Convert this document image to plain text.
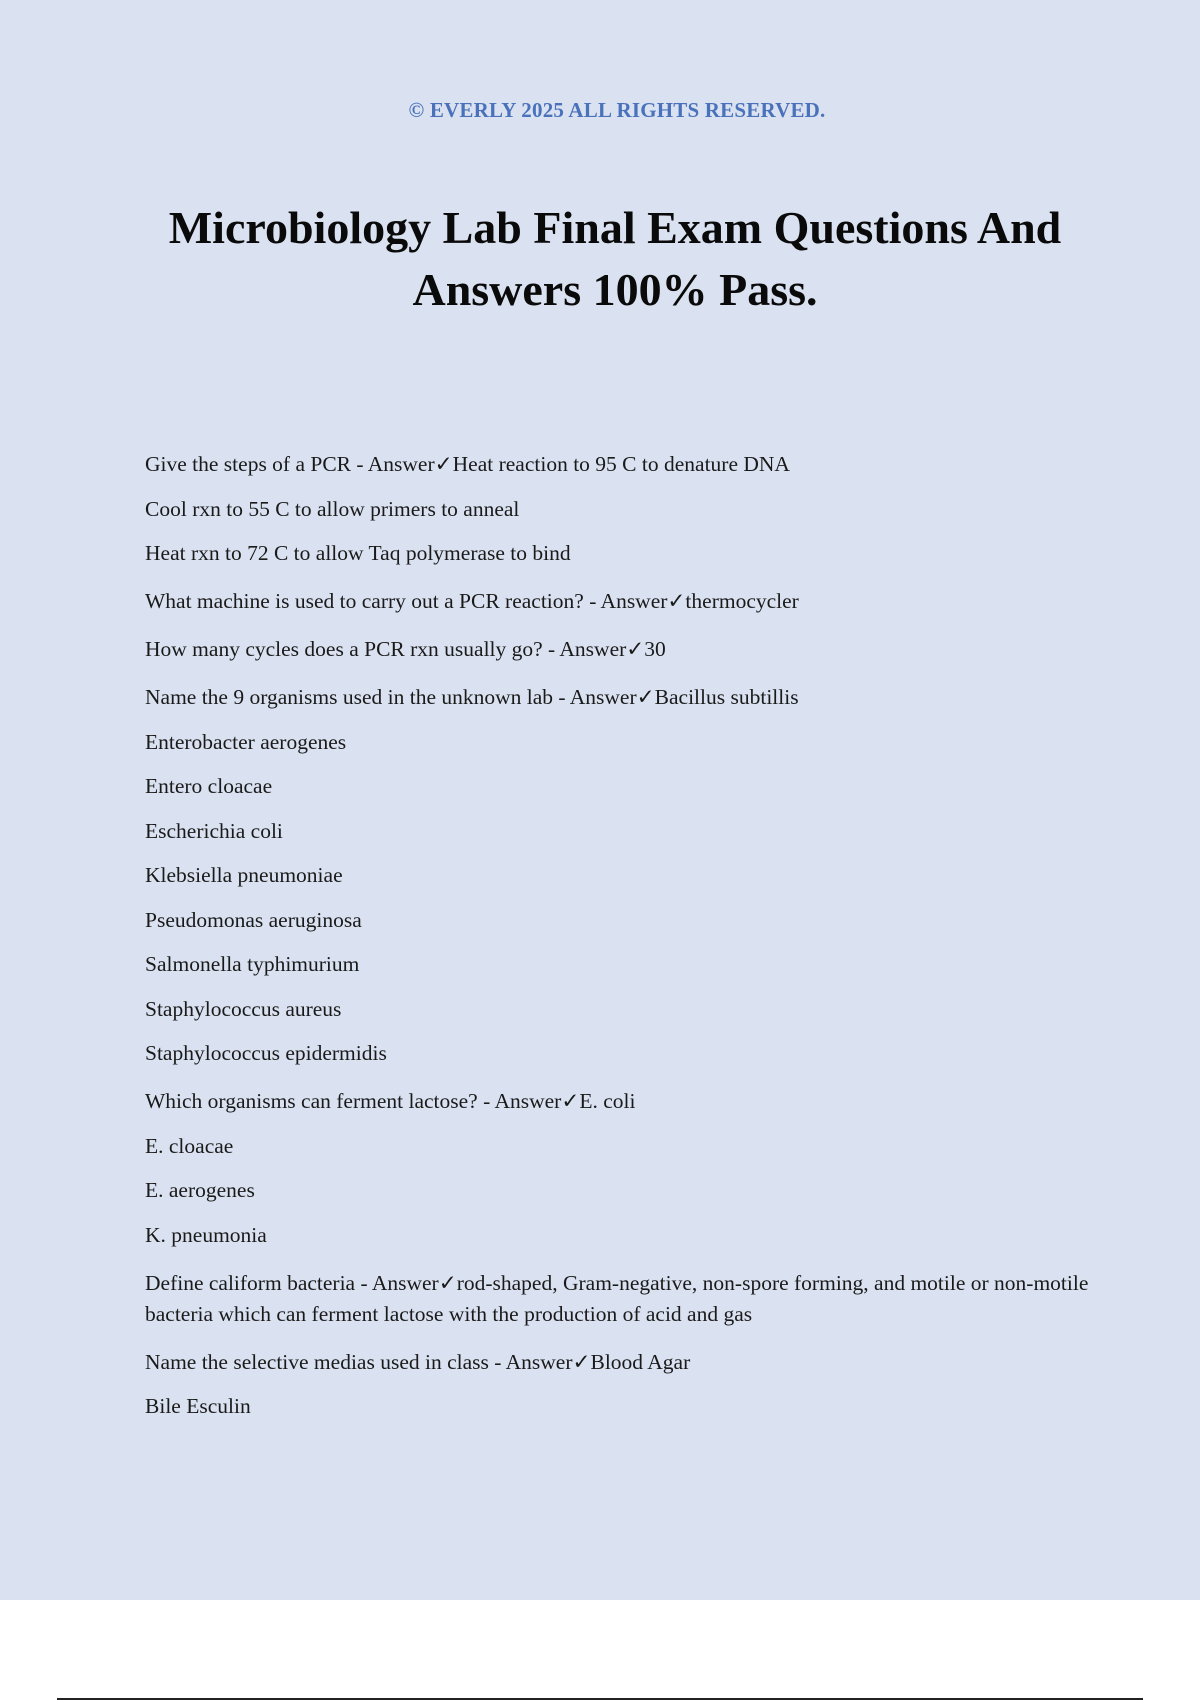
© EVERLY 2025 ALL RIGHTS RESERVED.
Microbiology Lab Final Exam Questions And Answers 100% Pass.
Give the steps of a PCR - Answer✓Heat reaction to 95 C to denature DNA
Cool rxn to 55 C to allow primers to anneal
Heat rxn to 72 C to allow Taq polymerase to bind
What machine is used to carry out a PCR reaction? - Answer✓thermocycler
How many cycles does a PCR rxn usually go? - Answer✓30
Name the 9 organisms used in the unknown lab - Answer✓Bacillus subtillis
Enterobacter aerogenes
Entero cloacae
Escherichia coli
Klebsiella pneumoniae
Pseudomonas aeruginosa
Salmonella typhimurium
Staphylococcus aureus
Staphylococcus epidermidis
Which organisms can ferment lactose? - Answer✓E. coli
E. cloacae
E. aerogenes
K. pneumonia
Define caliform bacteria - Answer✓rod-shaped, Gram-negative, non-spore forming, and motile or non-motile bacteria which can ferment lactose with the production of acid and gas
Name the selective medias used in class - Answer✓Blood Agar
Bile Esculin
